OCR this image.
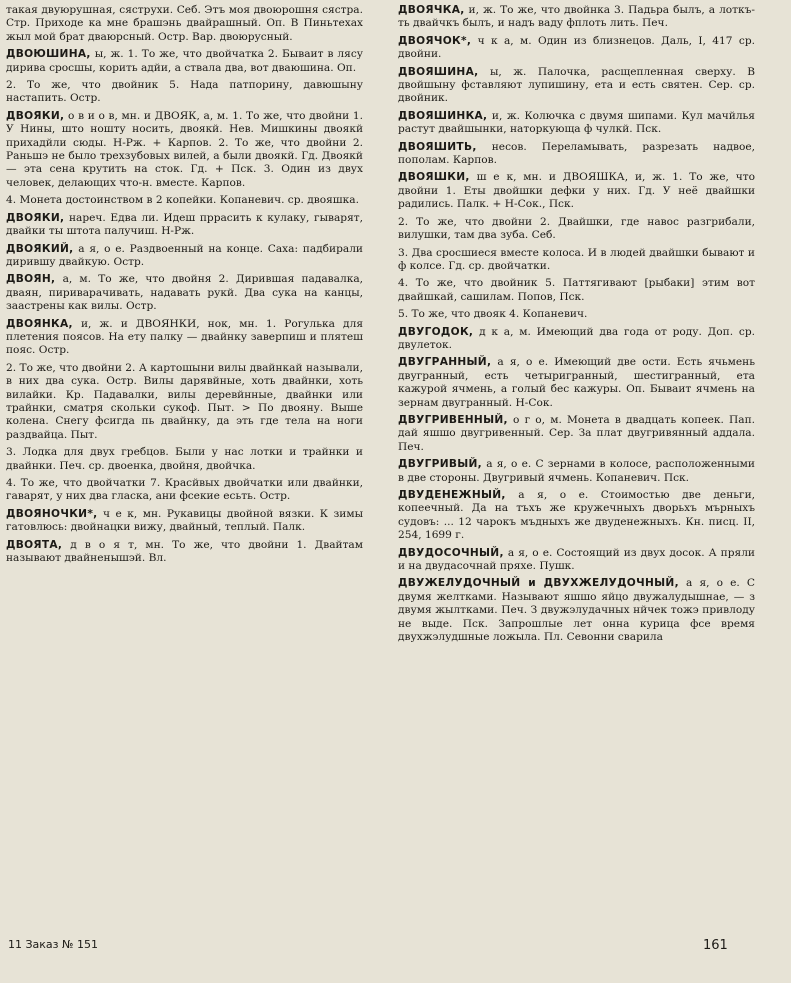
такая двуюрушная, сяструхи. Себ. Этъ моя двоюрошня сястра. Стр. Приходе ка мне брашэнь двайрашный. Оп. В Пиньтехах жыл мой брат дваюрсный. Остр. Вар. двоюрусный.

ДВОЮШИНА, ы, ж. 1. То же, что двойчатка 2. Бываит в лясу дирива сросшы, корить адйи, а ствала два, вот дваюшина. Оп.

2. То же, что двойник 5. Нада патпорину, давюшыну настапить. Остр.

ДВОЯКИ, о в и о в, мн. и ДВОЯК, а, м. 1. То же, что двойни 1. У Нины, што ношту носить, двоякй. Нев. Мишкины двоякй прихадйли сюды. Н-Рж. + Карпов. 2. То же, что двойни 2. Раньшэ не было трехзубовых вилей, а были двоякй. Гд. Двоякй — эта сена крутить на сток. Гд. + Пск. 3. Один из двух человек, делающих что-н. вместе. Карпов.

4. Монета достоинством в 2 копейки. Копаневич. ср. двояшка.

ДВОЯКИ, нареч. Едва ли. Идеш пррасить к кулаку, гыварят, двайки ты штота палучиш. Н-Рж.

ДВОЯКИЙ, а я, о е. Раздвоенный на конце. Саха: падбирали дирившу двайкую. Остр.

ДВОЯН, а, м. То же, что двойня 2. Дирившая падавалка, дваян, пириварачивать, надавать рукй. Два сука на канцы, заастрены как вилы. Остр.

ДВОЯНКА, и, ж. и ДВОЯНКИ, нок, мн. 1. Рогулька для плетения поясов. На ету палку — двайнку заверпиш и плятеш пояс. Остр.

2. То же, что двойни 2. А картошыни вилы двайнкай называли, в них два сука. Остр. Вилы дарявйные, хоть двайнки, хоть вилайки. Кр. Падавалки, вилы деревйнные, двайнки или трайнки, сматря скольки сукоф. Пыт. > По двояну. Выше колена. Снегу фсигда пь двайнку, да эть где тела на ноги раздвайца. Пыт.

3. Лодка для двух гребцов. Были у нас лотки и трайнки и двайнки. Печ. ср. двоенка, двойня, двойчка.

4. То же, что двойчатки 7. Красйвых двойчатки или двайнки, гаварят, у них два гласка, ани фсекие есьть. Остр.

ДВОЯНОЧКИ*, ч е к, мн. Рукавицы двойной вязки. К зимы гатовлюсь: двойнацки вижу, двайный, теплый. Палк.

ДВОЯТА, д в о я т, мн. То же, что двойни 1. Двайтам называют двайненышэй. Вл.

ДВОЯЧКА, и, ж. То же, что двойнка 3. Падьра былъ, а лоткъ-ть двайчкъ былъ, и надъ ваду фплоть лить. Печ.

ДВОЯЧОК*, ч к а, м. Один из близнецов. Даль, I, 417 ср. двойни.

ДВОЯШИНА, ы, ж. Палочка, расщепленная сверху. В двойшыну фставляют лупишину, ета и есть святен. Сер. ср. двойник.

ДВОЯШИНКА, и, ж. Колючка с двумя шипами. Кул мачйлья растут двайшынки, натоpкующа ф чулкй. Пск.

ДВОЯШИТЬ, несов. Переламывать, разрезать надвое, пополам. Карпов.

ДВОЯШКИ, ш е к, мн. и ДВОЯШКА, и, ж. 1. То же, что двойни 1. Еты двойшки дефки у них. Гд. У неё двайшки радились. Палк. + Н-Сок., Пск.

2. То же, что двойни 2. Двайшки, где навос разгрибали, вилушки, там два зуба. Себ.

3. Два сросшиеся вместе колоса. И в людей двайшки бывают и ф колсе. Гд. ср. двойчатки.

4. То же, что двойник 5. Паттягивают [рыбаки] этим вот двайшкай, сашилам. Попов, Пск.

5. То же, что двояк 4. Копаневич.

ДВУГОДОК, д к а, м. Имеющий два года от роду. Доп. ср. двулеток.

ДВУГРАННЫЙ, а я, о е. Имеющий две ости. Есть ячьмень двугранный, есть четыригранный, шестигранный, ета кажурой ячмень, а голый бес кажуры. Оп. Бываит ячмень на зернам двугранный. Н-Сок.

ДВУГРИВЕННЫЙ, о г о, м. Монета в двадцать копеек. Пап. дай яшшо двугривенный. Сер. За плат двугривянный аддала. Печ.

ДВУГРИВЫЙ, а я, о е. С зернами в колосе, расположенными в две стороны. Двугривый ячмень. Копаневич. Пск.

ДВУДЕНЕЖНЫЙ, а я, о е. Стоимостью две деньги, копеечный. Да на тъхъ же кружечныхъ дворьхъ мърныхъ судовъ: ... 12 чарокъ мъдныхъ же двуденежныхъ. Кн. писц. II, 254, 1699 г.

ДВУДОСОЧНЫЙ, а я, о е. Состоящий из двух досок. А пряли и на двудасочнай пряхе. Пушк.

ДВУЖЕЛУДОЧНЫЙ и ДВУХЖЕЛУДОЧНЫЙ, а я, о е. С двумя желтками. Называют яшшо яйцо двужалудышнае, — з двумя жылтками. Печ. З двужэлудачных нйчек тожэ привлоду не выде. Пск. Запрошлые лет онна курица фсе время двухжэлудшные ложыла. Пл. Севонни сварила

11 Заказ № 151	161
